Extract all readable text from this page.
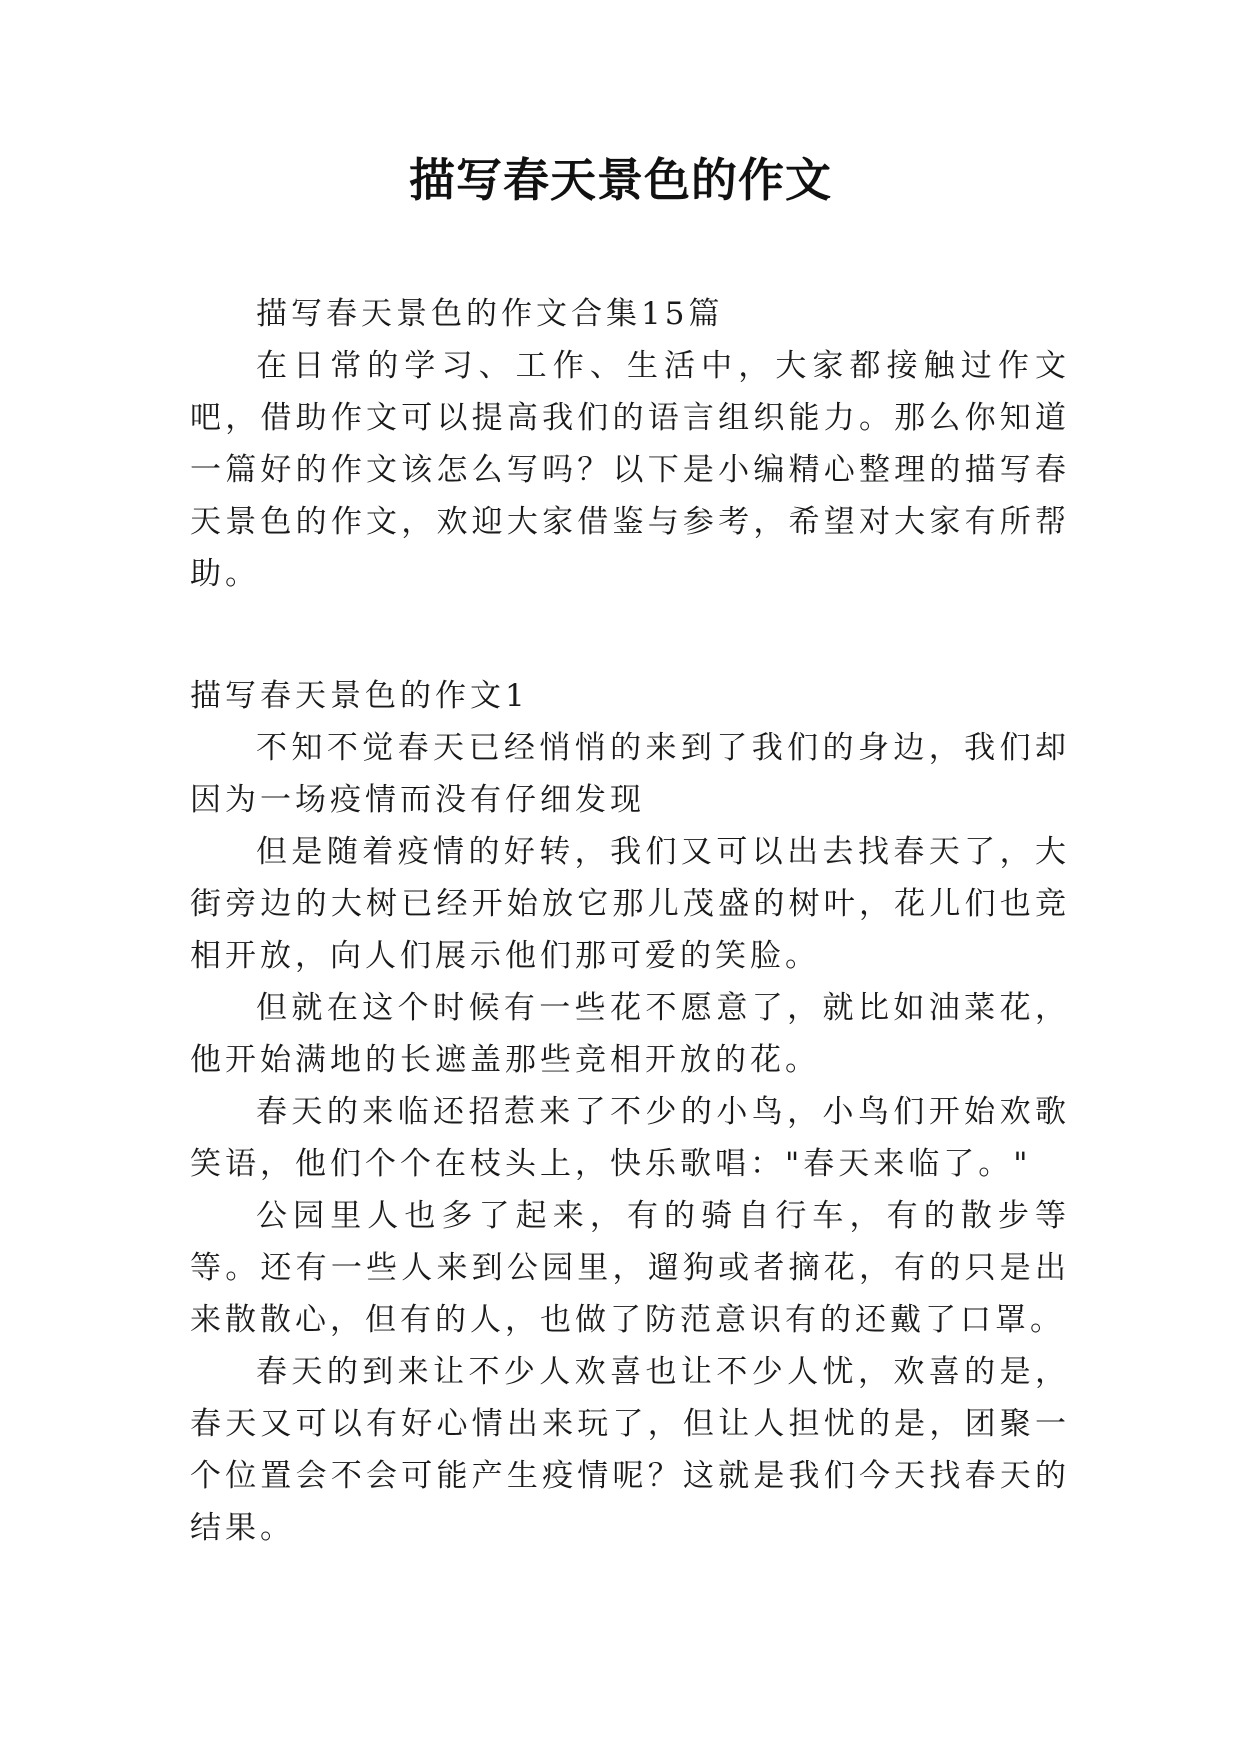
描写春天景色的作文

描写春天景色的作文合集15篇

在日常的学习、工作、生活中，大家都接触过作文吧，借助作文可以提高我们的语言组织能力。那么你知道一篇好的作文该怎么写吗？以下是小编精心整理的描写春天景色的作文，欢迎大家借鉴与参考，希望对大家有所帮助。

描写春天景色的作文1

不知不觉春天已经悄悄的来到了我们的身边，我们却因为一场疫情而没有仔细发现

但是随着疫情的好转，我们又可以出去找春天了，大街旁边的大树已经开始放它那儿茂盛的树叶，花儿们也竞相开放，向人们展示他们那可爱的笑脸。

但就在这个时候有一些花不愿意了，就比如油菜花，他开始满地的长遮盖那些竞相开放的花。

春天的来临还招惹来了不少的小鸟，小鸟们开始欢歌笑语，他们个个在枝头上，快乐歌唱："春天来临了。"

公园里人也多了起来，有的骑自行车，有的散步等等。还有一些人来到公园里，遛狗或者摘花，有的只是出来散散心，但有的人，也做了防范意识有的还戴了口罩。

春天的到来让不少人欢喜也让不少人忧，欢喜的是，春天又可以有好心情出来玩了，但让人担忧的是，团聚一个位置会不会可能产生疫情呢？这就是我们今天找春天的结果。
